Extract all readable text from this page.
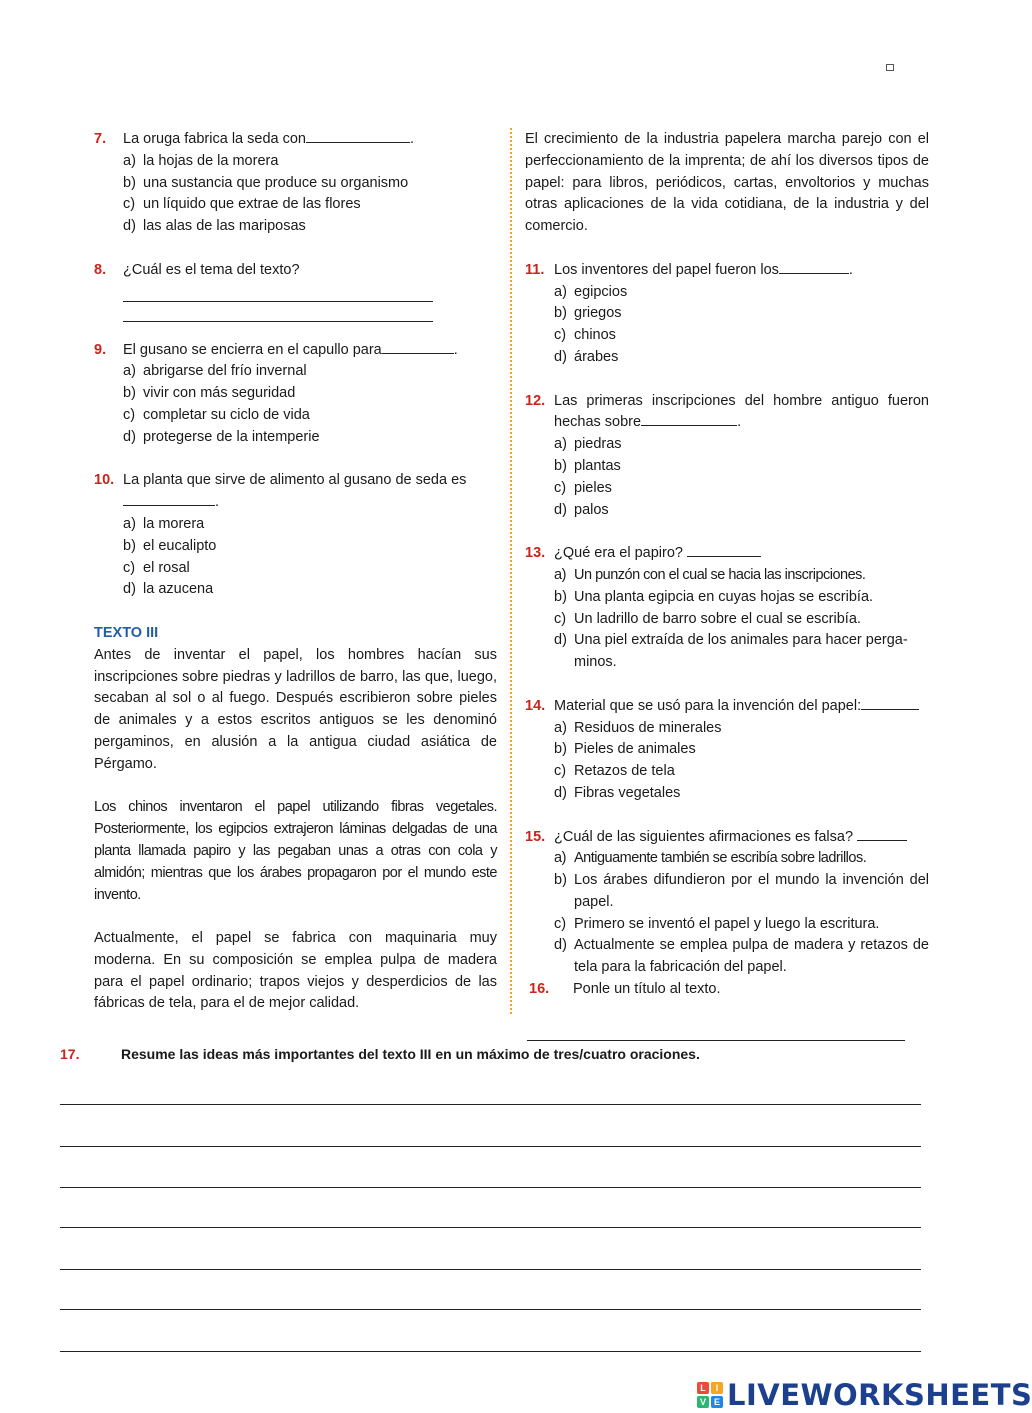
7.	La oruga fabrica la seda con	.
a) la hojas de la morera
b) una sustancia que produce su organismo
c) un líquido que extrae de las flores
d) las alas de las mariposas
8.	¿Cuál es el tema del texto?
9.	El gusano se encierra en el capullo para	.
a) abrigarse del frío invernal
b) vivir con más seguridad
c) completar su ciclo de vida
d) protegerse de la intemperie
10. La planta que sirve de alimento al gusano de seda es
.
a) la morera
b) el eucalipto
c) el rosal
d) la azucena
TEXTO III
Antes de inventar el papel, los hombres hacían sus inscripciones sobre piedras y ladrillos de barro, las que, luego, secaban al sol o al fuego. Después escribieron sobre pieles de animales y a estos escritos antiguos se les denominó pergaminos, en alusión a la antigua ciudad asiática de Pérgamo.
Los chinos inventaron el papel utilizando fibras vegetales. Posteriormente, los egipcios extrajeron láminas delgadas de una planta llamada papiro y las pegaban unas a otras con cola y almidón; mientras que los árabes propagaron por el mundo este invento.
Actualmente, el papel se fabrica con maquinaria muy moderna. En su composición se emplea pulpa de madera para el papel ordinario; trapos viejos y desperdicios de las fábricas de tela, para el de mejor calidad.
El crecimiento de la industria papelera marcha parejo con el perfeccionamiento de la imprenta; de ahí los diversos tipos de papel: para libros, periódicos, cartas, envoltorios y muchas otras aplicaciones de la vida cotidiana, de la industria y del comercio.
11. Los inventores del papel fueron los	.
a) egipcios
b) griegos
c) chinos
d) árabes
12. Las primeras inscripciones del hombre antiguo fueron hechas sobre	.
a) piedras
b) plantas
c) pieles
d) palos
13. ¿Qué era el papiro?
a) Un punzón con el cual se hacia las inscripciones.
b) Una planta egipcia en cuyas hojas se escribía.
c) Un ladrillo de barro sobre el cual se escribía.
d) Una piel extraída de los animales para hacer perga- minos.
14. Material que se usó para la invención del papel:
a) Residuos de minerales
b) Pieles de animales
c) Retazos de tela
d) Fibras vegetales
15. ¿Cuál de las siguientes afirmaciones es falsa?
a) Antiguamente también se escribía sobre ladrillos.
b) Los árabes difundieron por el mundo la invención del papel.
c) Primero se inventó el papel y luego la escritura.
d) Actualmente se emplea pulpa de madera y retazos de tela para la fabricación del papel.
16.	Ponle un título al texto.
17.	Resume las ideas más importantes del texto III en un máximo de tres/cuatro oraciones.
L	I
V E LIVEWORKSHEETS
